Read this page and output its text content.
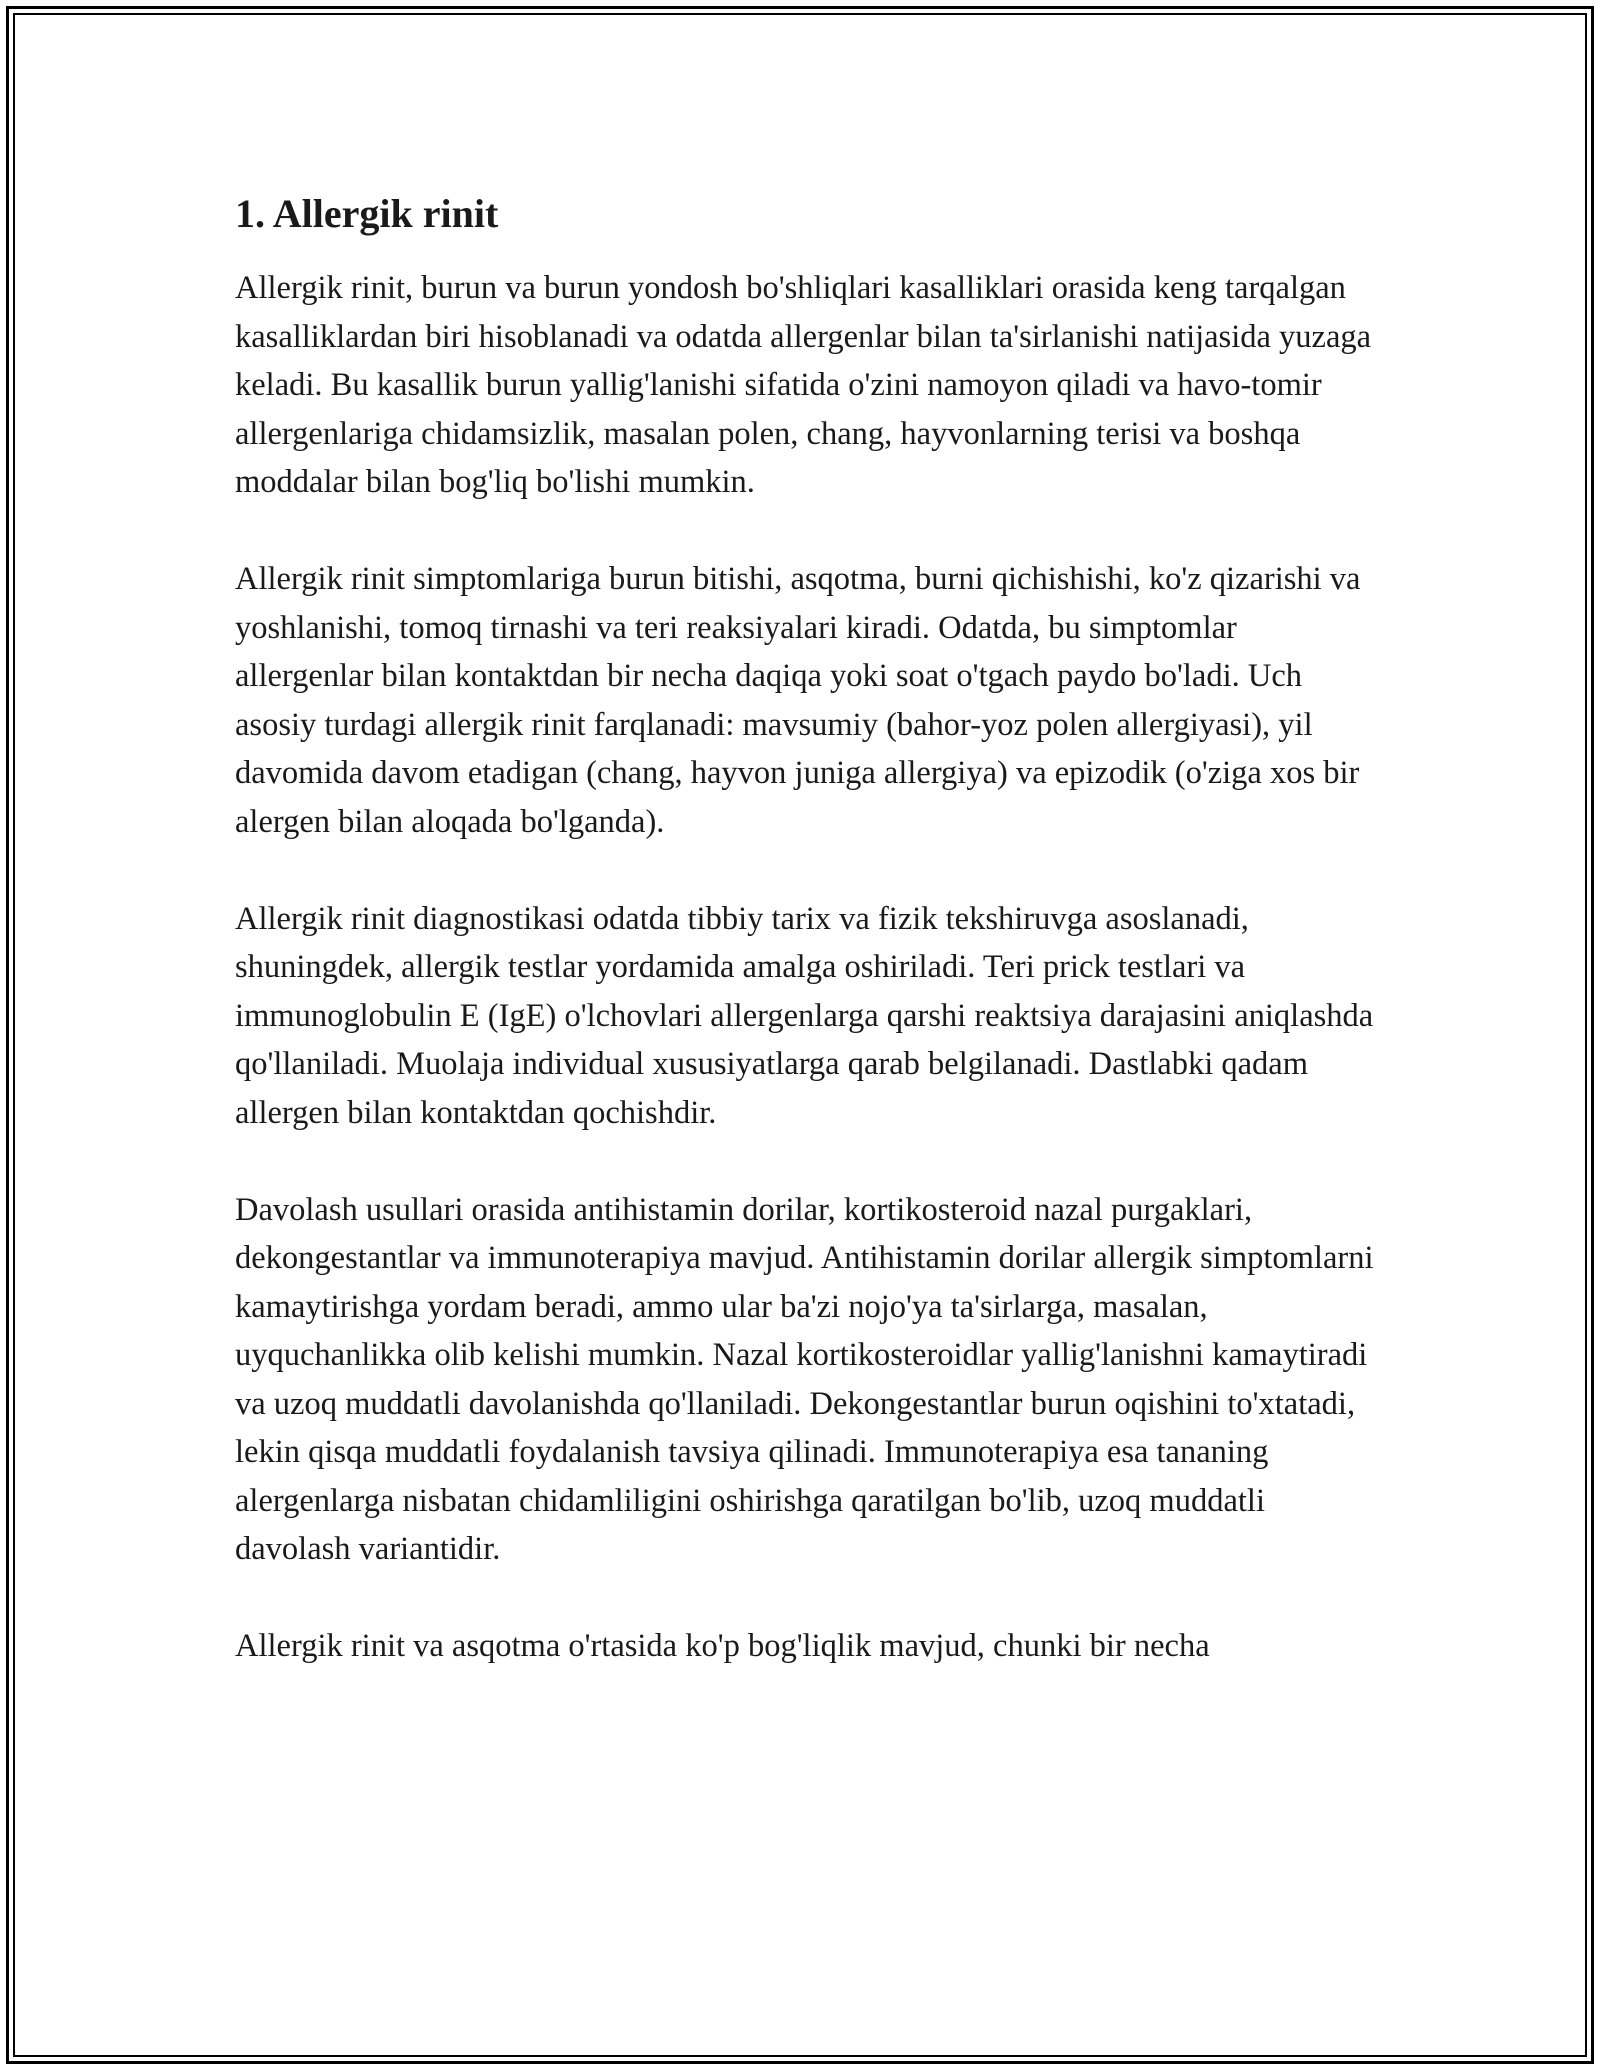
1. Allergik rinit

Allergik rinit, burun va burun yondosh bo'shliqlari kasalliklari orasida keng tarqalgan kasalliklardan biri hisoblanadi va odatda allergenlar bilan ta'sirlanishi natijasida yuzaga keladi. Bu kasallik burun yallig'lanishi sifatida o'zini namoyon qiladi va havo-tomir allergenlariga chidamsizlik, masalan polen, chang, hayvonlarning terisi va boshqa moddalar bilan bog'liq bo'lishi mumkin.

Allergik rinit simptomlariga burun bitishi, asqotma, burni qichishishi, ko'z qizarishi va yoshlanishi, tomoq tirnashi va teri reaksiyalari kiradi. Odatda, bu simptomlar allergenlar bilan kontaktdan bir necha daqiqa yoki soat o'tgach paydo bo'ladi. Uch asosiy turdagi allergik rinit farqlanadi: mavsumiy (bahor-yoz polen allergiyasi), yil davomida davom etadigan (chang, hayvon juniga allergiya) va epizodik (o'ziga xos bir alergen bilan aloqada bo'lganda).

Allergik rinit diagnostikasi odatda tibbiy tarix va fizik tekshiruvga asoslanadi, shuningdek, allergik testlar yordamida amalga oshiriladi. Teri prick testlari va immunoglobulin E (IgE) o'lchovlari allergenlarga qarshi reaktsiya darajasini aniqlashda qo'llaniladi. Muolaja individual xususiyatlarga qarab belgilanadi. Dastlabki qadam allergen bilan kontaktdan qochishdir.

Davolash usullari orasida antihistamin dorilar, kortikosteroid nazal purgaklari, dekongestantlar va immunoterapiya mavjud. Antihistamin dorilar allergik simptomlarni kamaytirishga yordam beradi, ammo ular ba'zi nojo'ya ta'sirlarga, masalan, uyquchanlikka olib kelishi mumkin. Nazal kortikosteroidlar yallig'lanishni kamaytiradi va uzoq muddatli davolanishda qo'llaniladi. Dekongestantlar burun oqishini to'xtatadi, lekin qisqa muddatli foydalanish tavsiya qilinadi. Immunoterapiya esa tananing alergenlarga nisbatan chidamliligini oshirishga qaratilgan bo'lib, uzoq muddatli davolash variantidir.

Allergik rinit va asqotma o'rtasida ko'p bog'liqlik mavjud, chunki bir necha
